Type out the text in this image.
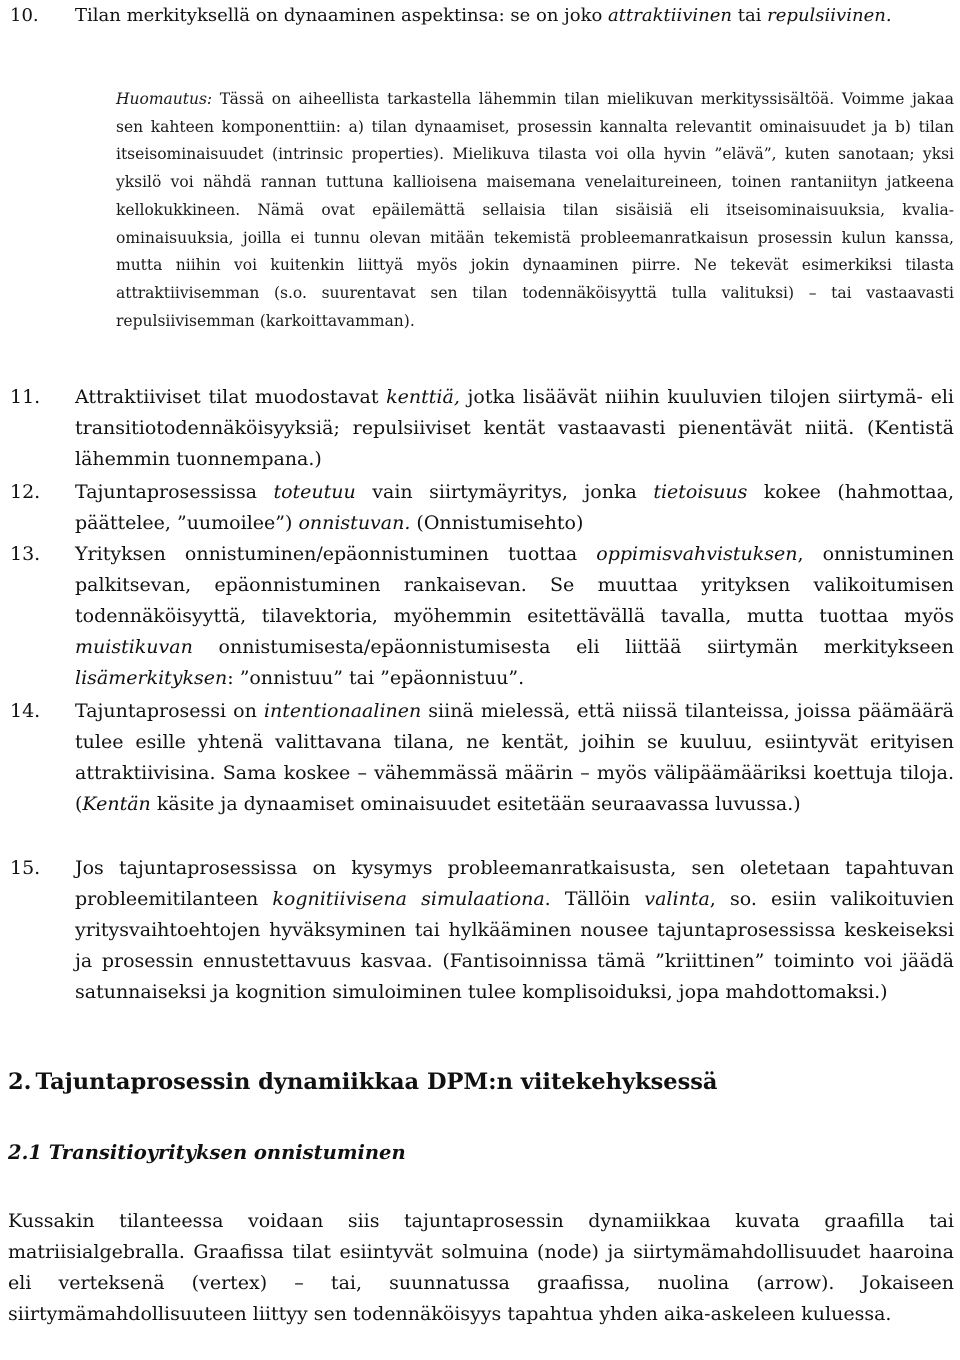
10. Tilan merkityksellä on dynaaminen aspektinsa: se on joko attraktiivinen tai repulsiivinen.
Huomautus: Tässä on aiheellista tarkastella lähemmin tilan mielikuvan merkityssisältöä. Voimme jakaa sen kahteen komponenttiin: a) tilan dynaamiset, prosessin kannalta relevantit ominaisuudet ja b) tilan itseisominaisuudet (intrinsic properties). Mielikuva tilasta voi olla hyvin ”elävä”, kuten sanotaan; yksi yksilö voi nähdä rannan tuttuna kallioisena maisemana venelaitureineen, toinen rantaniityn jatkeena kellokukkineen. Nämä ovat epäilemättä sellaisia tilan sisäisiä eli itseisominaisuuksia, kvalia-ominaisuuksia, joilla ei tunnu olevan mitään tekemistä probleemanratkaisun prosessin kulun kanssa, mutta niihin voi kuitenkin liittyä myös jokin dynaaminen piirre. Ne tekevät esimerkiksi tilasta attraktiivisemman (s.o. suurentavat sen tilan todennäköisyyttä tulla valituksi) – tai vastaavasti repulsiivisemman (karkoittavamman).
11. Attraktiiviset tilat muodostavat kenttiä, jotka lisäävät niihin kuuluvien tilojen siirtymä- eli transitiotodennäköisyyksiä; repulsiiviset kentät vastaavasti pienentävät niitä. (Kentistä lähemmin tuonnempana.)
12. Tajuntaprosessissa toteutuu vain siirtymäyritys, jonka tietoisuus kokee (hahmottaa, päättelee, ”uumoilee”) onnistuvan. (Onnistumisehto)
13. Yrityksen onnistuminen/epäonnistuminen tuottaa oppimisvahvistuksen, onnistuminen palkitsevan, epäonnistuminen rankaisevan. Se muuttaa yrityksen valikoitumisen todennäköisyyttä, tilavektoria, myöhemmin esitettävällä tavalla, mutta tuottaa myös muistikuvan onnistumisesta/epäonnistumisesta eli liittää siirtymän merkitykseen lisämerkityksen: ”onnistuu” tai ”epäonnistuu”.
14. Tajuntaprosessi on intentionaalinen siinä mielessä, että niissä tilanteissa, joissa päämäärä tulee esille yhtenä valittavana tilana, ne kentät, joihin se kuuluu, esiintyvät erityisen attraktiivisina. Sama koskee – vähemmässä määrin – myös välipäämääriksi koettuja tiloja. (Kentän käsite ja dynaamiset ominaisuudet esitetään seuraavassa luvussa.)
15. Jos tajuntaprosessissa on kysymys probleemanratkaisusta, sen oletetaan tapahtuvan probleemitilanteen kognitiivisena simulaationa. Tällöin valinta, so. esiin valikoituvien yritysvaihtoehtojen hyväksyminen tai hylkääminen nousee tajuntaprosessissa keskeiseksi ja prosessin ennustettavuus kasvaa. (Fantisoinnissa tämä ”kriittinen” toiminto voi jäädä satunnaiseksi ja kognition simuloiminen tulee komplisoiduksi, jopa mahdottomaksi.)
2. Tajuntaprosessin dynamiikkaa DPM:n viitekehyksessä
2.1 Transitioyrityksen onnistuminen
Kussakin tilanteessa voidaan siis tajuntaprosessin dynamiikkaa kuvata graafilla tai matriisialgebralla. Graafissa tilat esiintyvät solmuina (node) ja siirtymämahdollisuudet haaroina eli verteksenä (vertex) – tai, suunnatussa graafissa, nuolina (arrow). Jokaiseen siirtymämahdollisuuteen liittyy sen todennäköisyys tapahtua yhden aika-askeleen kuluessa.
